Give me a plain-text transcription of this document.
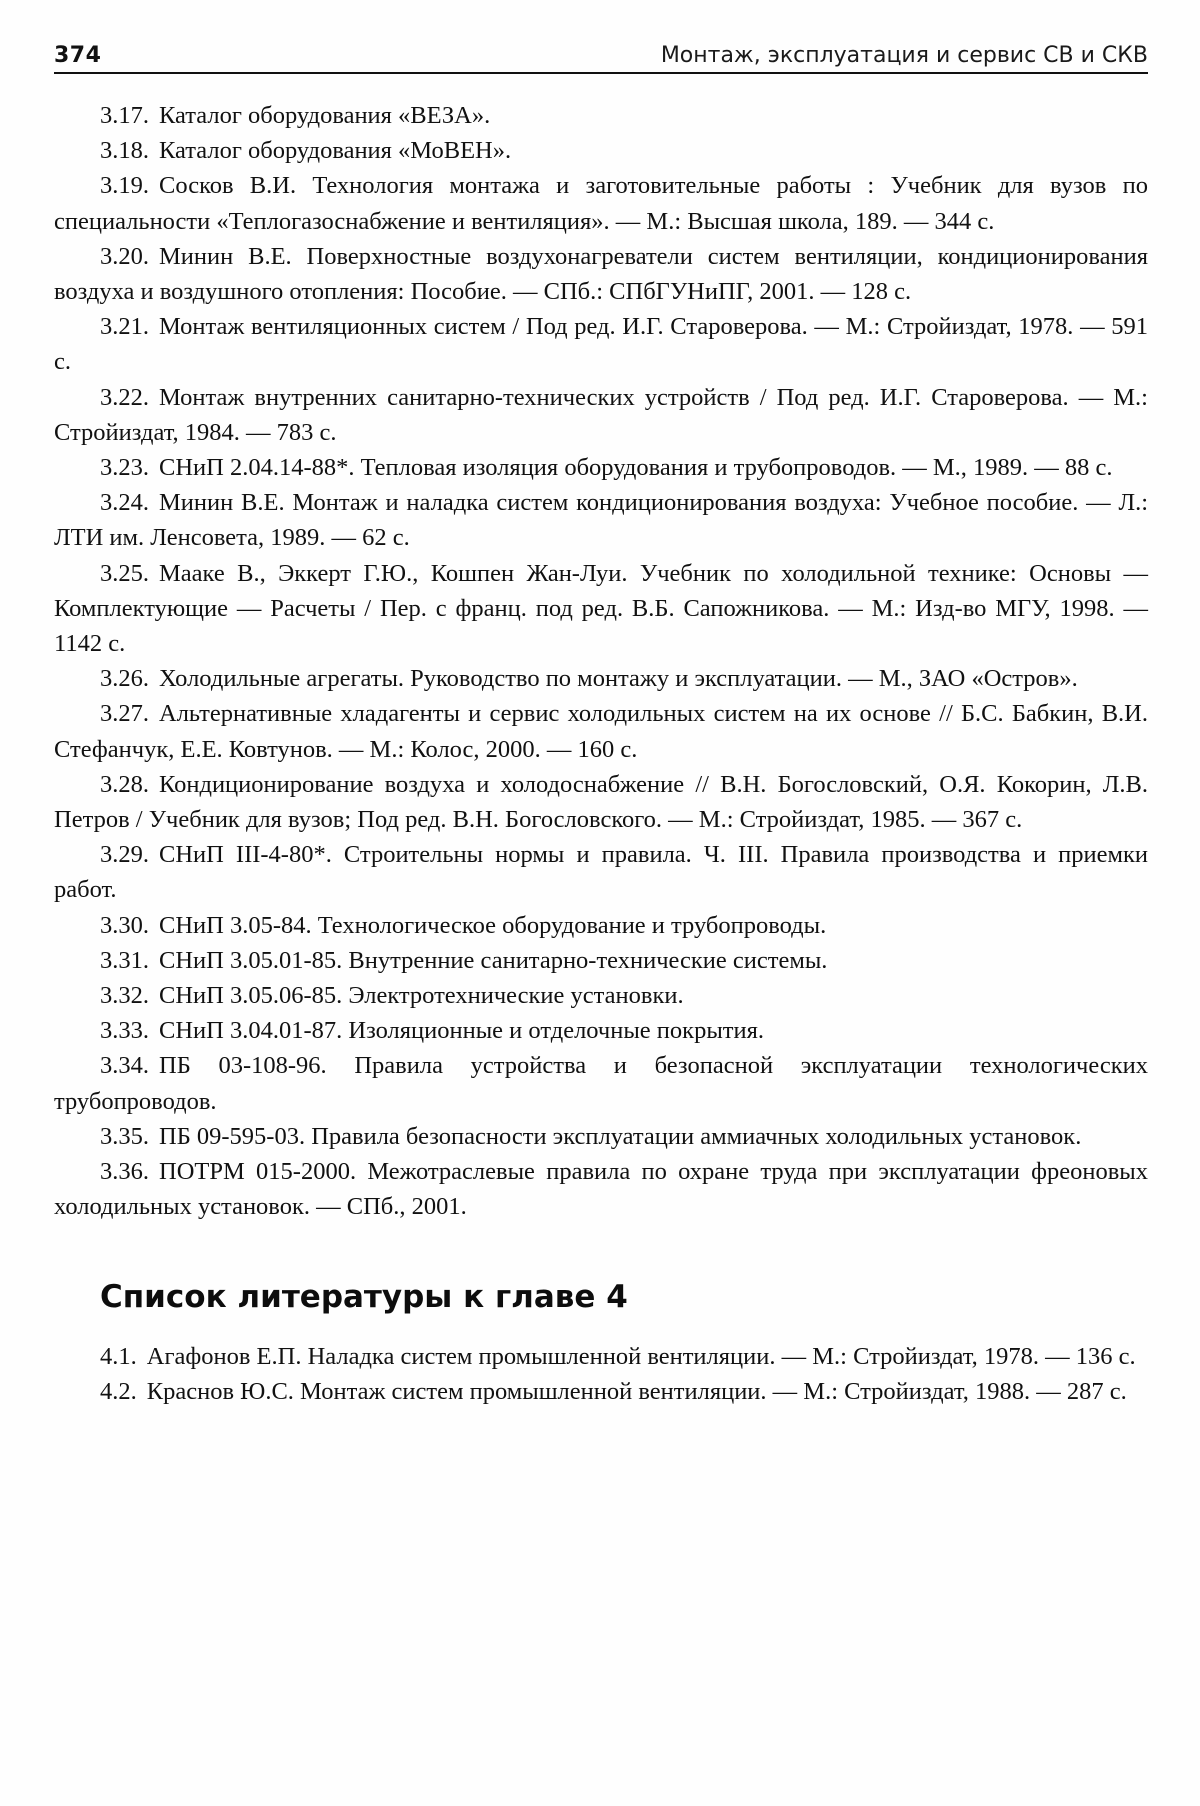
374	Монтаж, эксплуатация и сервис СВ и СКВ

3.17. Каталог оборудования «ВЕЗА».

3.18. Каталог оборудования «МоВЕН».

3.19. Сосков В.И. Технология монтажа и заготовительные работы : Учебник для вузов по специальности «Теплогазоснабжение и вентиляция». — М.: Высшая школа, 189. — 344 с.

3.20. Минин В.Е. Поверхностные воздухонагреватели систем вентиляции, кондиционирования воздуха и воздушного отопления: Пособие. — СПб.: СПбГУНиПГ, 2001. — 128 с.

3.21. Монтаж вентиляционных систем / Под ред. И.Г. Староверова. — М.: Стройиздат, 1978. — 591 с.

3.22. Монтаж внутренних санитарно-технических устройств / Под ред. И.Г. Староверова. — М.: Стройиздат, 1984. — 783 с.

3.23. СНиП 2.04.14-88*. Тепловая изоляция оборудования и трубопроводов. — М., 1989. — 88 с.

3.24. Минин В.Е. Монтаж и наладка систем кондиционирования воздуха: Учебное пособие. — Л.: ЛТИ им. Ленсовета, 1989. — 62 с.

3.25. Мааке В., Эккерт Г.Ю., Кошпен Жан-Луи. Учебник по холодильной технике: Основы — Комплектующие — Расчеты / Пер. с франц. под ред. В.Б. Сапожникова. — М.: Изд-во МГУ, 1998. — 1142 с.

3.26. Холодильные агрегаты. Руководство по монтажу и эксплуатации. — М., ЗАО «Остров».

3.27. Альтернативные хладагенты и сервис холодильных систем на их основе // Б.С. Бабкин, В.И. Стефанчук, Е.Е. Ковтунов. — М.: Колос, 2000. — 160 с.

3.28. Кондиционирование воздуха и холодоснабжение // В.Н. Богословский, О.Я. Кокорин, Л.В. Петров / Учебник для вузов; Под ред. В.Н. Богословского. — М.: Стройиздат, 1985. — 367 с.

3.29. СНиП III-4-80*. Строительны нормы и правила. Ч. III. Правила производства и приемки работ.

3.30. СНиП 3.05-84. Технологическое оборудование и трубопроводы.

3.31. СНиП 3.05.01-85. Внутренние санитарно-технические системы.

3.32. СНиП 3.05.06-85. Электротехнические установки.

3.33. СНиП 3.04.01-87. Изоляционные и отделочные покрытия.

3.34. ПБ 03-108-96. Правила устройства и безопасной эксплуатации технологических трубопроводов.

3.35. ПБ 09-595-03. Правила безопасности эксплуатации аммиачных холодильных установок.

3.36. ПОТРМ 015-2000. Межотраслевые правила по охране труда при эксплуатации фреоновых холодильных установок. — СПб., 2001.

Список литературы к главе 4

4.1. Агафонов Е.П. Наладка систем промышленной вентиляции. — М.: Стройиздат, 1978. — 136 с.

4.2. Краснов Ю.С. Монтаж систем промышленной вентиляции. — М.: Стройиздат, 1988. — 287 с.
